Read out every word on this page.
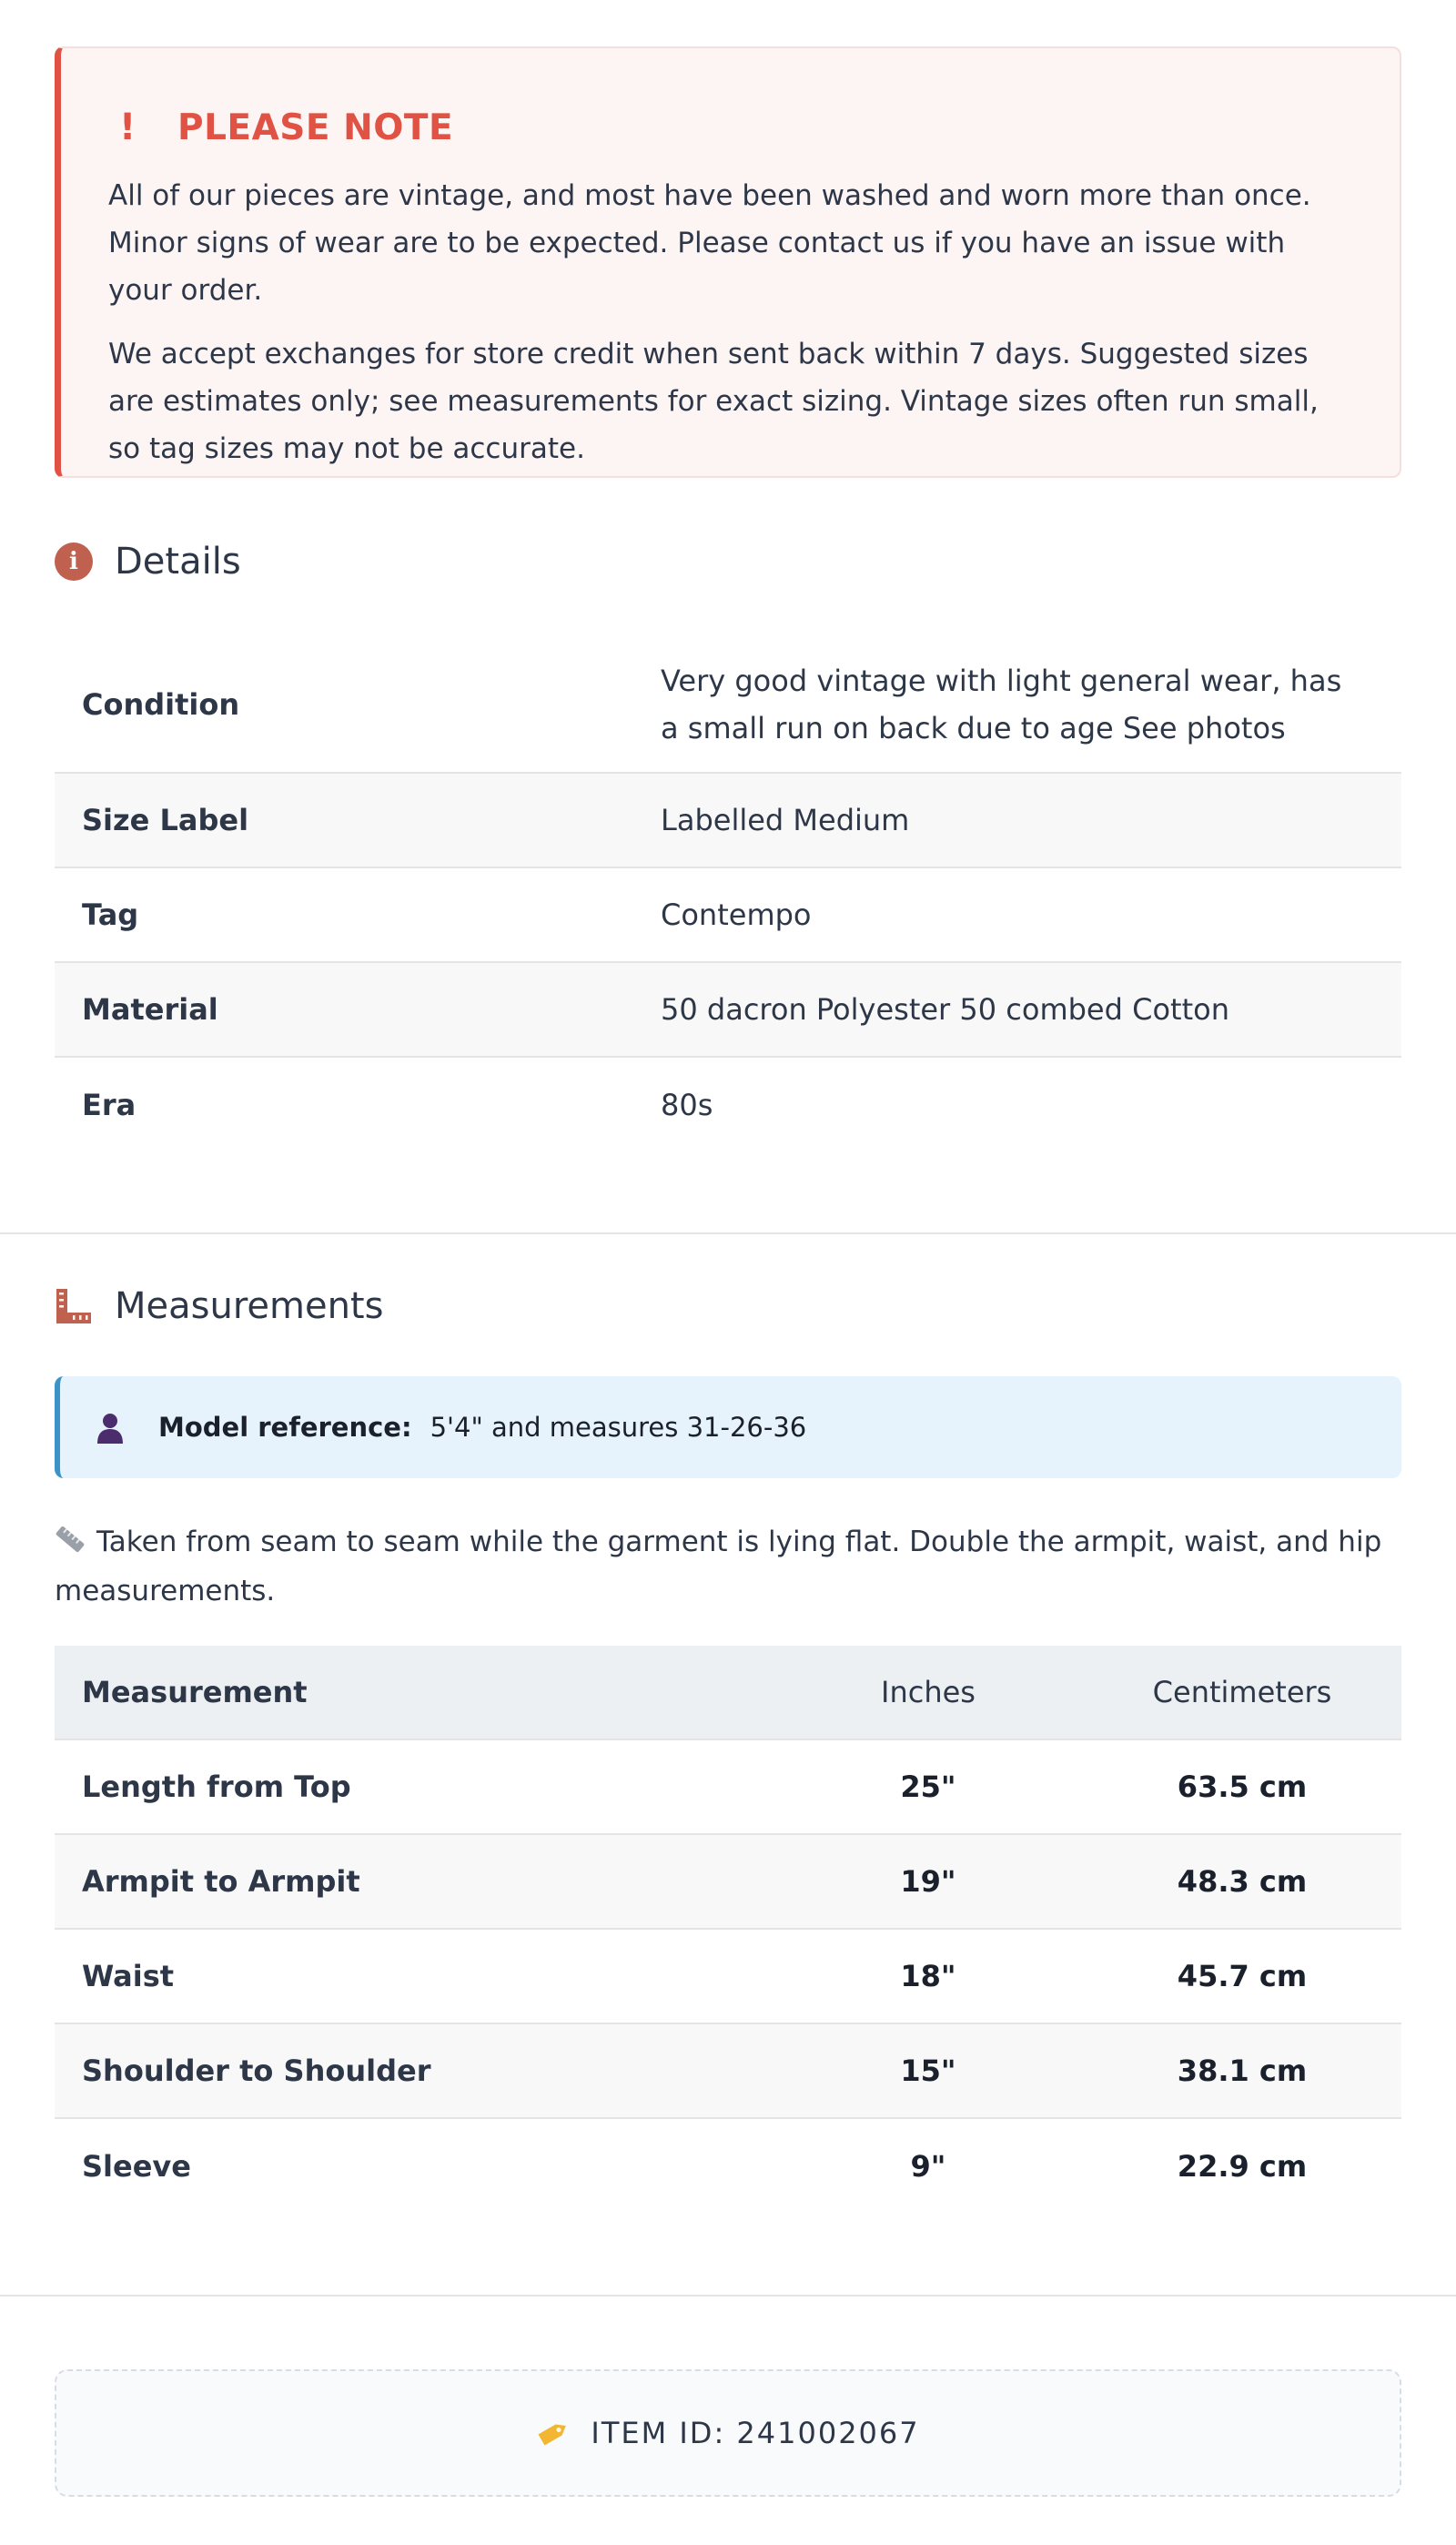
!	PLEASE NOTE

All of our pieces are vintage, and most have been washed and worn more than once. Minor signs of wear are to be expected. Please contact us if you have an issue with your order.

We accept exchanges for store credit when sent back within 7 days. Suggested sizes are estimates only; see measurements for exact sizing. Vintage sizes often run small, so tag sizes may not be accurate.

i	Details
Condition
Very good vintage with light general wear, has a small run on back due to age See photos
Size Label	Labelled Medium
Tag	Contempo
Material	50 dacron Polyester 50 combed Cotton
Era	80s
Measurements
Model reference: 5'4" and measures 31-26-36
Taken from seam to seam while the garment is lying flat. Double the armpit, waist, and hip measurements.
Measurement	Inches	Centimeters
Length from Top	25"	63.5 cm
Armpit to Armpit	19"	48.3 cm
Waist	18"	45.7 cm
Shoulder to Shoulder	15"	38.1 cm
Sleeve	9"	22.9 cm
ITEM ID: 241002067
